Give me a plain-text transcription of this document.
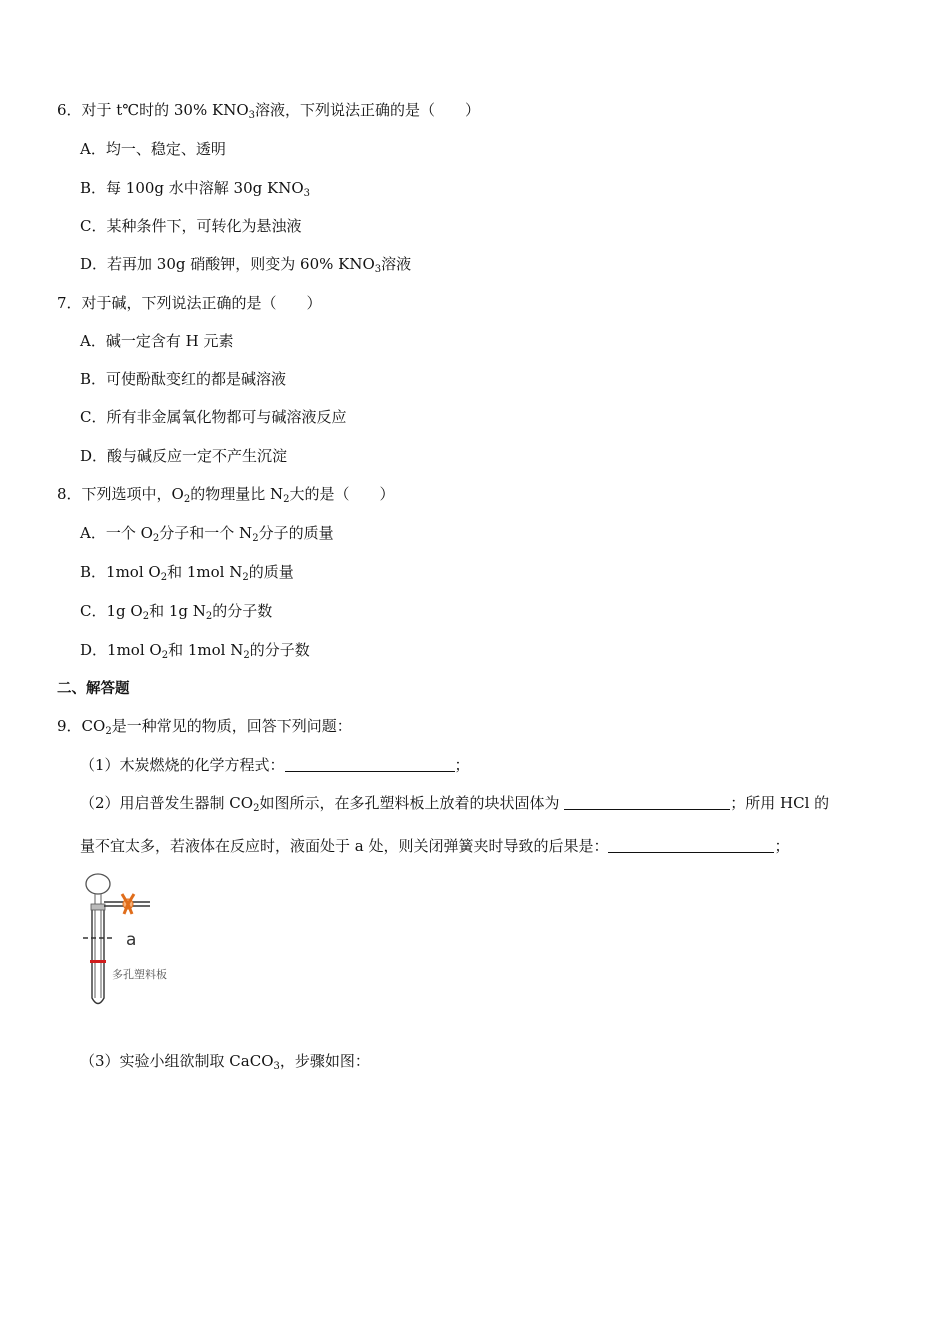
6．对于 t℃时的 30% $KNO_3$溶液，下列说法正确的是（　　）
A．均一、稳定、透明
B．每 100g 水中溶解 30g $KNO_3$
C．某种条件下，可转化为悬浊液
D．若再加 30g 硝酸钾，则变为 60% $KNO_3$溶液
7．对于碱，下列说法正确的是（　　）
A．碱一定含有 H 元素
B．可使酚酞变红的都是碱溶液
C．所有非金属氧化物都可与碱溶液反应
D．酸与碱反应一定不产生沉淀
8．下列选项中，$O_2$的物理量比 $N_2$大的是（　　）
A．一个 $O_2$分子和一个 $N_2$分子的质量
B．1mol $O_2$和 1mol $N_2$的质量
C．1g $O_2$和 1g $N_2$的分子数
D．1mol $O_2$和 1mol $N_2$的分子数
二、解答题
9．$CO_2$是一种常见的物质，回答下列问题：
（1）木炭燃烧的化学方程式：	；
（2）用启普发生器制 $CO_2$如图所示，在多孔塑料板上放着的块状固体为	；所用 HCl 的
量不宜太多，若液体在反应时，液面处于 a 处，则关闭弹簧夹时导致的后果是：	；
a
多孔塑料板
（3）实验小组欲制取 CaCO$_3$，步骤如图：
